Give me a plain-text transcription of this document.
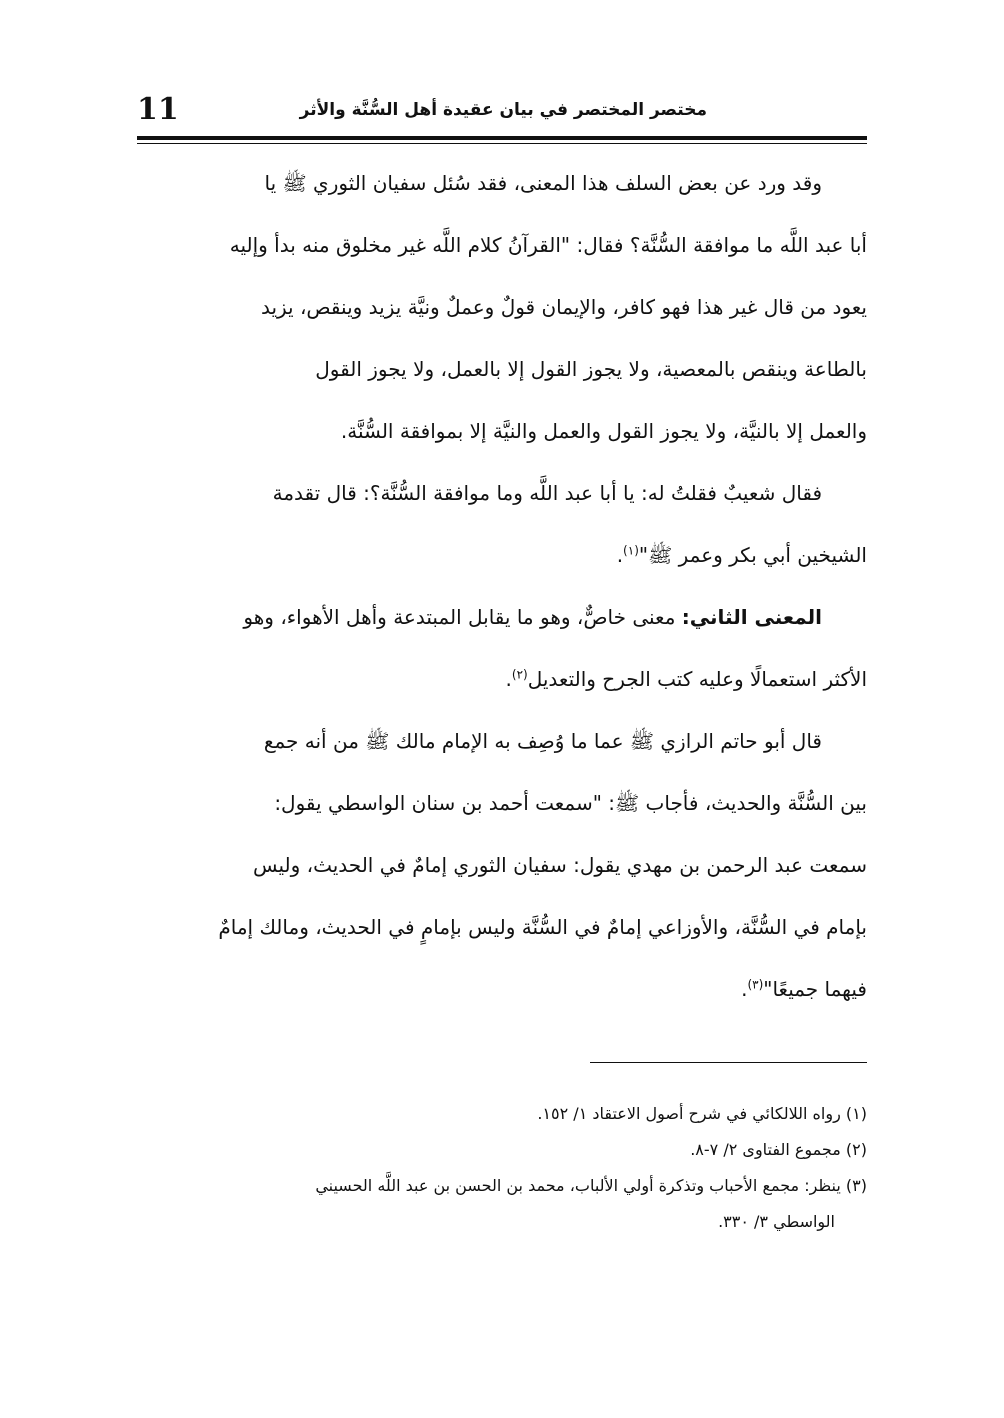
11	مختصر المختصر في بيان عقيدة أهل السُّنَّة والأثر
وقد ورد عن بعض السلف هذا المعنى، فقد سُئل سفيان الثوري ﷺ يا
أبا عبد اللَّه ما موافقة السُّنَّة؟ فقال: "القرآنُ كلام اللَّه غير مخلوق منه بدأ وإليه
يعود من قال غير هذا فهو كافر، والإيمان قولٌ وعملٌ ونيَّة يزيد وينقص، يزيد
بالطاعة وينقص بالمعصية، ولا يجوز القول إلا بالعمل، ولا يجوز القول
والعمل إلا بالنيَّة، ولا يجوز القول والعمل والنيَّة إلا بموافقة السُّنَّة.
فقال شعيبٌ فقلتُ له: يا أبا عبد اللَّه وما موافقة السُّنَّة؟: قال تقدمة
الشيخين أبي بكر وعمر ﷺ"$^{(١)}$.
المعنى الثاني: معنى خاصٌّ، وهو ما يقابل المبتدعة وأهل الأهواء، وهو
الأكثر استعمالًا وعليه كتب الجرح والتعديل$^{(٢)}$.
قال أبو حاتم الرازي ﷺ عما ما وُصِف به الإمام مالك ﷺ من أنه جمع
بين السُّنَّة والحديث، فأجاب ﷺ: "سمعت أحمد بن سنان الواسطي يقول:
سمعت عبد الرحمن بن مهدي يقول: سفيان الثوري إمامٌ في الحديث، وليس
بإمام في السُّنَّة، والأوزاعي إمامٌ في السُّنَّة وليس بإمامٍ في الحديث، ومالك إمامٌ
فيهما جميعًا"$^{(٣)}$.
(١) رواه اللالكائي في شرح أصول الاعتقاد ١/ ١٥٢.
(٢) مجموع الفتاوى ٢/ ٧-٨.
(٣) ينظر: مجمع الأحباب وتذكرة أولي الألباب، محمد بن الحسن بن عبد اللَّه الحسيني
الواسطي ٣/ ٣٣٠.
